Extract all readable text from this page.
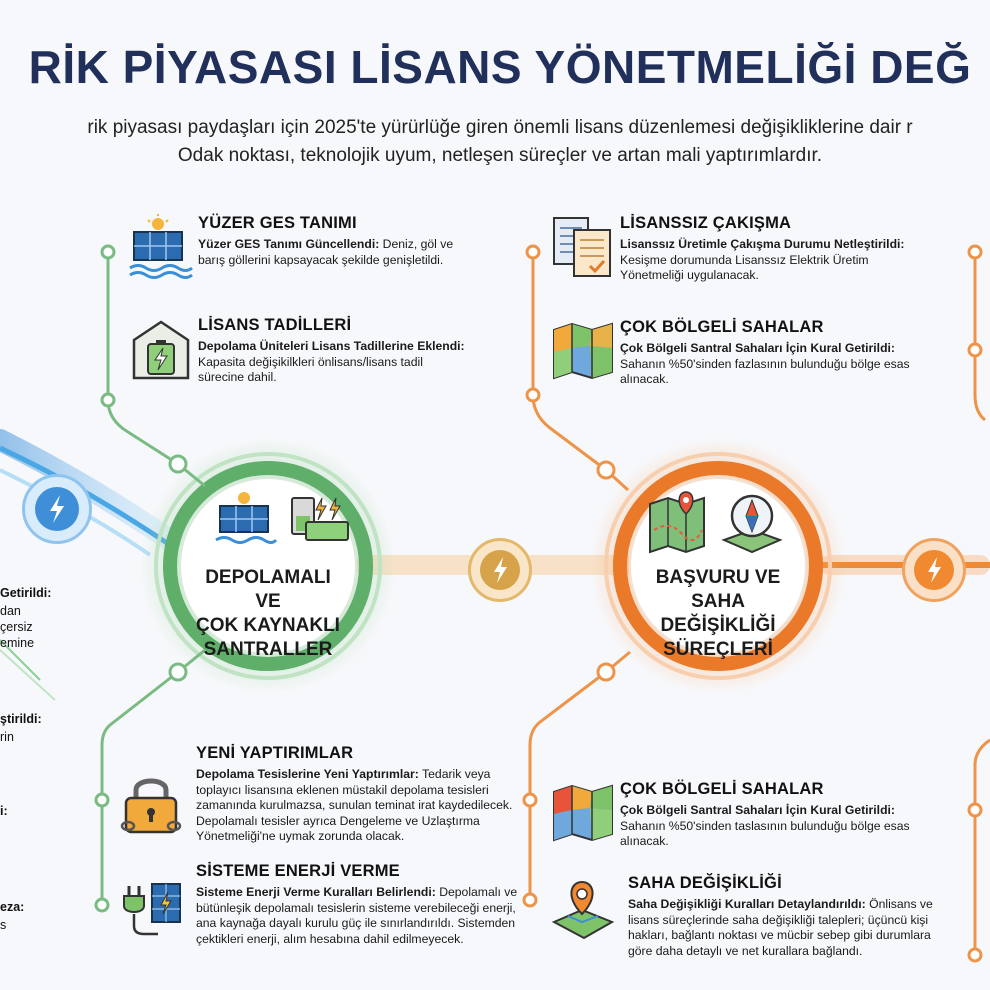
RİK PİYASASI LİSANS YÖNETMELİĞİ DEĞ
rik piyasası paydaşları için 2025'te yürürlüğe giren önemli lisans düzenlemesi değişikliklerine dair r
Odak noktası, teknolojik uyum, netleşen süreçler ve artan mali yaptırımlardır.
DEPOLAMALI VE
ÇOK KAYNAKLI
SANTRALLER
BAŞVURU VE
SAHA DEĞİŞİKLİĞİ
SÜREÇLERİ
YÜZER GES TANIMI

Yüzer GES Tanımı Güncellendi: Deniz, göl ve barış göllerini kapsayacak şekilde genişletildi.

LİSANS TADİLLERİ

Depolama Üniteleri Lisans Tadillerine Eklendi: Kapasita değişikilkleri önlisans/lisans tadil sürecine dahil.

YENİ YAPTIRIMLAR

Depolama Tesislerine Yeni Yaptırımlar: Tedarik veya toplayıcı lisansına eklenen müstakil depolama tesisleri zamanında kurulmazsa, sunulan teminat irat kaydedilecek. Depolamalı tesisler ayrıca Dengeleme ve Uzlaştırma Yönetmeliği'ne uymak zorunda olacak.

SİSTEME ENERJİ VERME

Sisteme Enerji Verme Kuralları Belirlendi: Depolamalı ve bütünleşik depolamalı tesislerin sisteme verebileceği enerji, ana kaynağa dayalı kurulu güç ile sınırlandırıldı. Sistemden çektikleri enerji, alım hesabına dahil edilmeyecek.

LİSANSSIZ ÇAKIŞMA

Lisanssız Üretimle Çakışma Durumu Netleştirildi: Kesişme dorumunda Lisanssız Elektrik Üretim Yönetmeliği uygulanacak.

ÇOK BÖLGELİ SAHALAR

Çok Bölgeli Santral Sahaları İçin Kural Getirildi: Sahanın %50'sinden fazlasının bulunduğu bölge esas alınacak.

ÇOK BÖLGELİ SAHALAR

Çok Bölgeli Santral Sahaları İçin Kural Getirildi: Sahanın %50'sinden taslasının bulunduğu bölge esas alınacak.

SAHA DEĞİŞİKLİĞİ

Saha Değişikliği Kuralları Detaylandırıldı: Önlisans ve lisans süreçlerinde saha değişikliği talepleri; üçüncü kişi hakları, bağlantı noktası ve mücbir sebep gibi durumlara göre daha detaylı ve net kurallara bağlandı.

Getirildi:
dan
çersiz
emine
ştirildi:
rin
i:
eza:
s
